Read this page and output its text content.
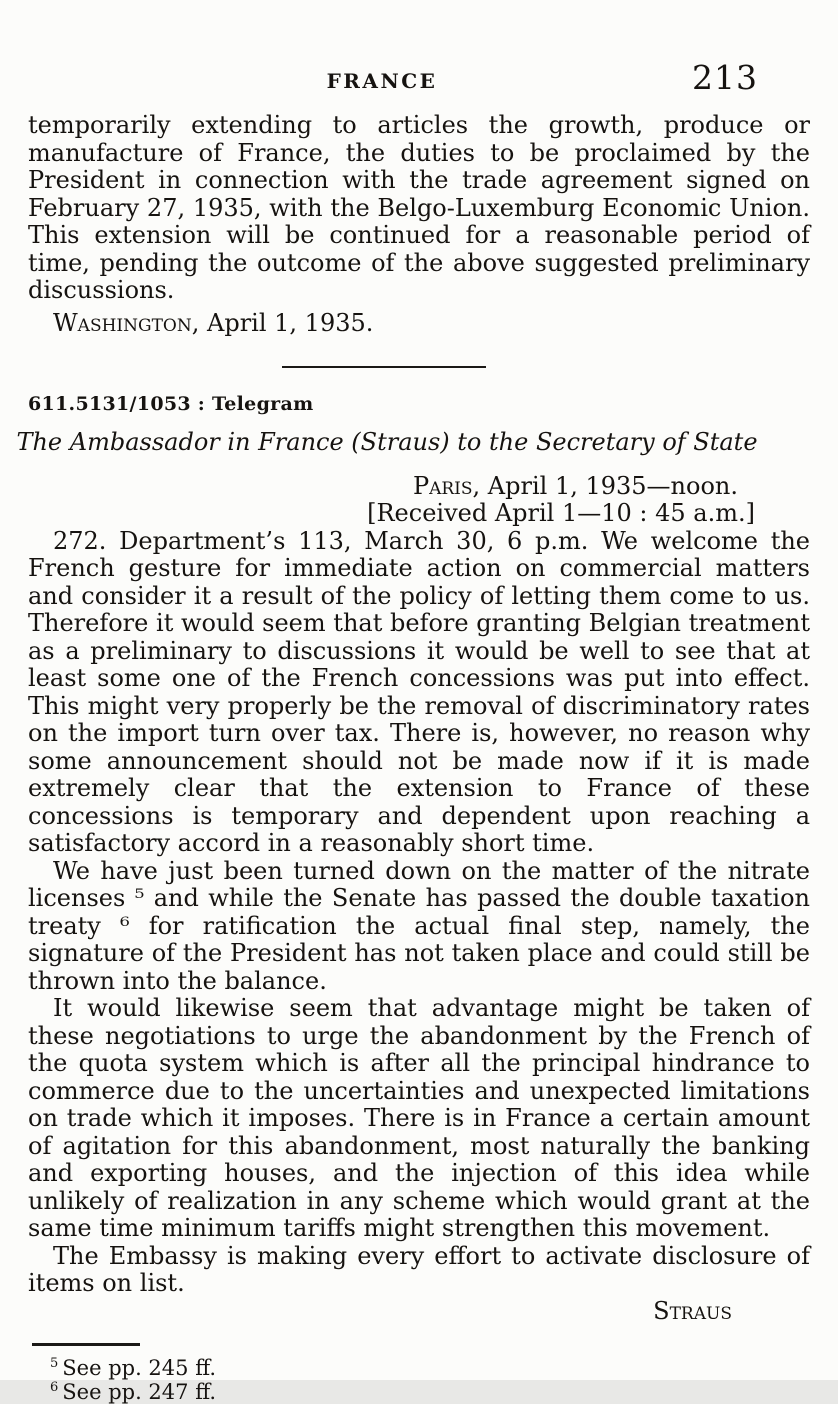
FRANCE	213

temporarily extending to articles the growth, produce or manufacture of France, the duties to be proclaimed by the President in connection with the trade agreement signed on February 27, 1935, with the Belgo-Luxemburg Economic Union. This extension will be continued for a reasonable period of time, pending the outcome of the above suggested preliminary discussions.

Washington, April 1, 1935.
611.5131/1053 : Telegram
The Ambassador in France (Straus) to the Secretary of State
Paris, April 1, 1935—noon.
[Received April 1—10 : 45 a.m.]

272. Department’s 113, March 30, 6 p.m. We welcome the French gesture for immediate action on commercial matters and consider it a result of the policy of letting them come to us. Therefore it would seem that before granting Belgian treatment as a preliminary to discussions it would be well to see that at least some one of the French concessions was put into effect. This might very properly be the removal of discriminatory rates on the import turn over tax. There is, however, no reason why some announcement should not be made now if it is made extremely clear that the extension to France of these concessions is temporary and dependent upon reaching a satisfactory accord in a reasonably short time.

We have just been turned down on the matter of the nitrate licenses ⁵ and while the Senate has passed the double taxation treaty ⁶ for ratification the actual final step, namely, the signature of the President has not taken place and could still be thrown into the balance.

It would likewise seem that advantage might be taken of these negotiations to urge the abandonment by the French of the quota system which is after all the principal hindrance to commerce due to the uncertainties and unexpected limitations on trade which it imposes. There is in France a certain amount of agitation for this abandonment, most naturally the banking and exporting houses, and the injection of this idea while unlikely of realization in any scheme which would grant at the same time minimum tariffs might strengthen this movement.

The Embassy is making every effort to activate disclosure of items on list.

Straus
$^5$ See pp. 245 ff.
$^6$ See pp. 247 ff.
